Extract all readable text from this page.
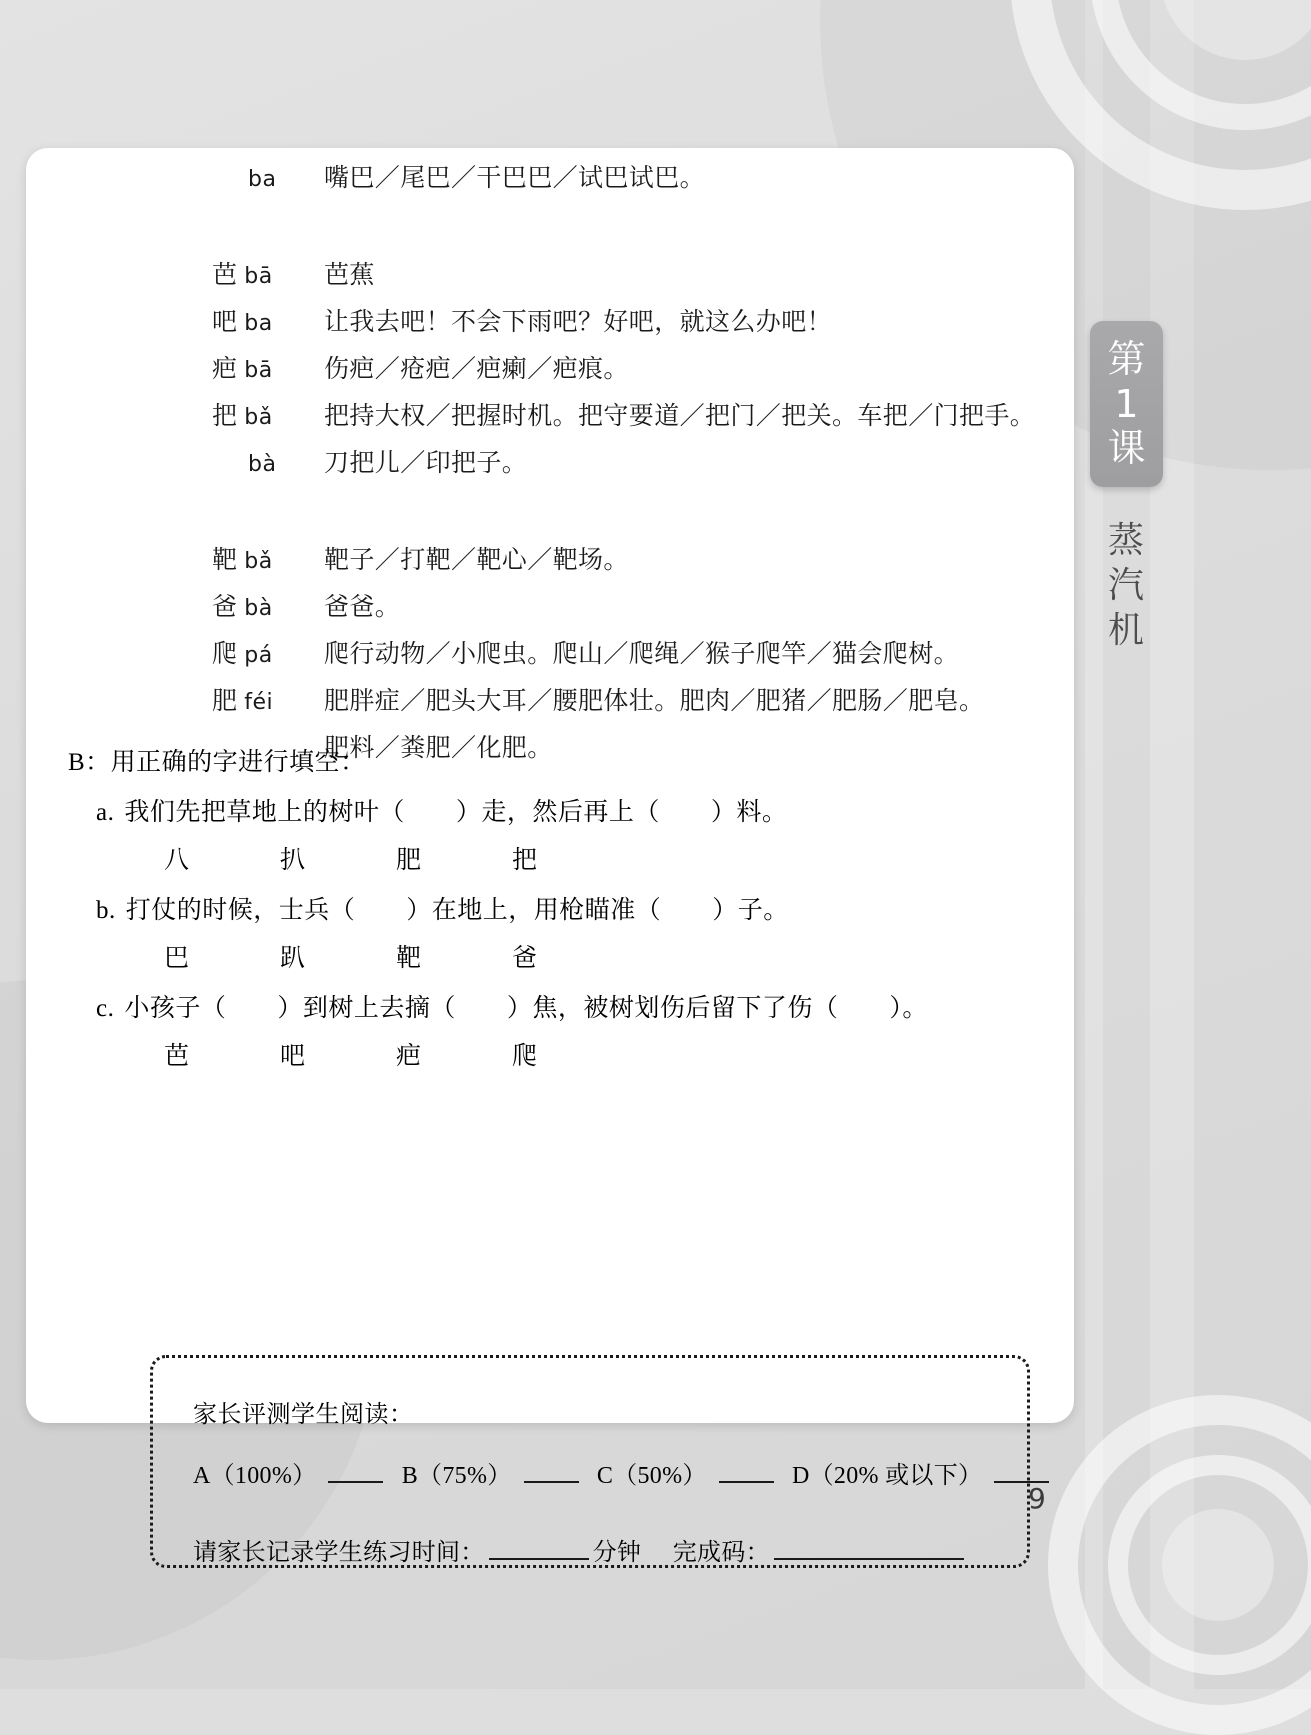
ba	嘴巴／尾巴／干巴巴／试巴试巴。
芭 bā	芭蕉
吧 ba	让我去吧！不会下雨吧？好吧，就这么办吧！
疤 bā	伤疤／疮疤／疤瘌／疤痕。
把 bǎ	把持大权／把握时机。把守要道／把门／把关。车把／门把手。
bà	刀把儿／印把子。
靶 bǎ	靶子／打靶／靶心／靶场。
爸 bà	爸爸。
爬 pá	爬行动物／小爬虫。爬山／爬绳／猴子爬竿／猫会爬树。
肥 féi	肥胖症／肥头大耳／腰肥体壮。肥肉／肥猪／肥肠／肥皂。
肥料／粪肥／化肥。
B：用正确的字进行填空：
a. 我们先把草地上的树叶（　　）走，然后再上（　　）料。
八	扒	肥	把
b. 打仗的时候，士兵（　　）在地上，用枪瞄准（　　）子。
巴	趴	靶	爸
c. 小孩子（　　）到树上去摘（　　）焦，被树划伤后留下了伤（　　）。
芭	吧	疤	爬
家长评测学生阅读：
A（100%）	B（75%）	C（50%）	D（20% 或以下）
请家长记录学生练习时间：	分钟 完成码：
第
1
课
蒸
汽
机
9
